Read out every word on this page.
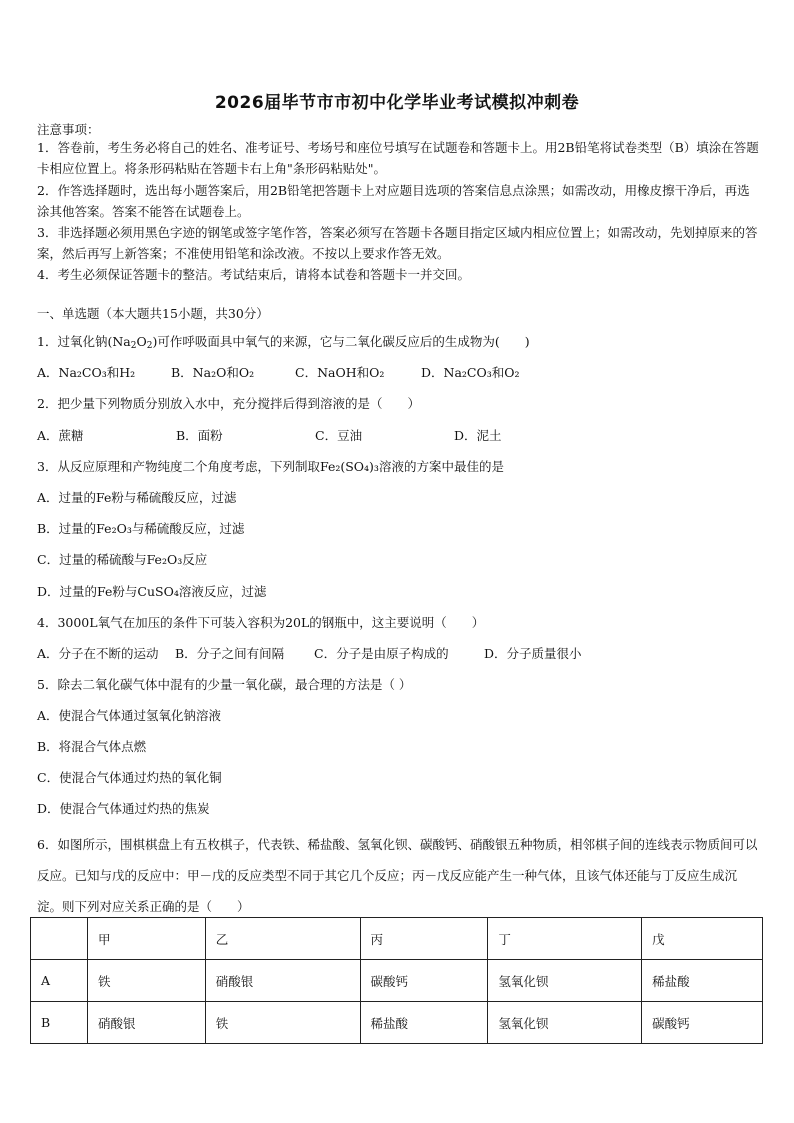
2026届毕节市市初中化学毕业考试模拟冲刺卷
注意事项：
1．答卷前，考生务必将自己的姓名、准考证号、考场号和座位号填写在试题卷和答题卡上。用2B铅笔将试卷类型（B）填涂在答题卡相应位置上。将条形码粘贴在答题卡右上角"条形码粘贴处"。
2．作答选择题时，选出每小题答案后，用2B铅笔把答题卡上对应题目选项的答案信息点涂黑；如需改动，用橡皮擦干净后，再选涂其他答案。答案不能答在试题卷上。
3．非选择题必须用黑色字迹的钢笔或签字笔作答，答案必须写在答题卡各题目指定区域内相应位置上；如需改动，先划掉原来的答案，然后再写上新答案；不准使用铅笔和涂改液。不按以上要求作答无效。
4．考生必须保证答题卡的整洁。考试结束后，请将本试卷和答题卡一并交回。
一、单选题（本大题共15小题，共30分）
1．过氧化钠$(Na_2O_2)$可作呼吸面具中氧气的来源，它与二氧化碳反应后的生成物为(　　)
A．Na₂CO₃和H₂	B．Na₂O和O₂	C．NaOH和O₂	D．Na₂CO₃和O₂
2．把少量下列物质分别放入水中，充分搅拌后得到溶液的是（　　）
A．蔗糖	B．面粉	C．豆油	D．泥土
3．从反应原理和产物纯度二个角度考虑，下列制取Fe₂(SO₄)₃溶液的方案中最佳的是
A．过量的Fe粉与稀硫酸反应，过滤
B．过量的Fe₂O₃与稀硫酸反应，过滤
C．过量的稀硫酸与Fe₂O₃反应
D．过量的Fe粉与CuSO₄溶液反应，过滤
4．3000L氧气在加压的条件下可装入容积为20L的钢瓶中，这主要说明（　　）
A．分子在不断的运动 B．分子之间有间隔 C．分子是由原子构成的	D．分子质量很小
5．除去二氧化碳气体中混有的少量一氧化碳，最合理的方法是（ ）
A．使混合气体通过氢氧化钠溶液
B．将混合气体点燃
C．使混合气体通过灼热的氧化铜
D．使混合气体通过灼热的焦炭
6．如图所示，围棋棋盘上有五枚棋子，代表铁、稀盐酸、氢氧化钡、碳酸钙、硝酸银五种物质，相邻棋子间的连线表示物质间可以反应。已知与戊的反应中：甲－戊的反应类型不同于其它几个反应；丙－戊反应能产生一种气体，且该气体还能与丁反应生成沉淀。则下列对应关系正确的是（　　）
	甲	乙	丙	丁	戊
A	铁	硝酸银	碳酸钙	氢氧化钡	稀盐酸
B	硝酸银	铁	稀盐酸	氢氧化钡	碳酸钙
